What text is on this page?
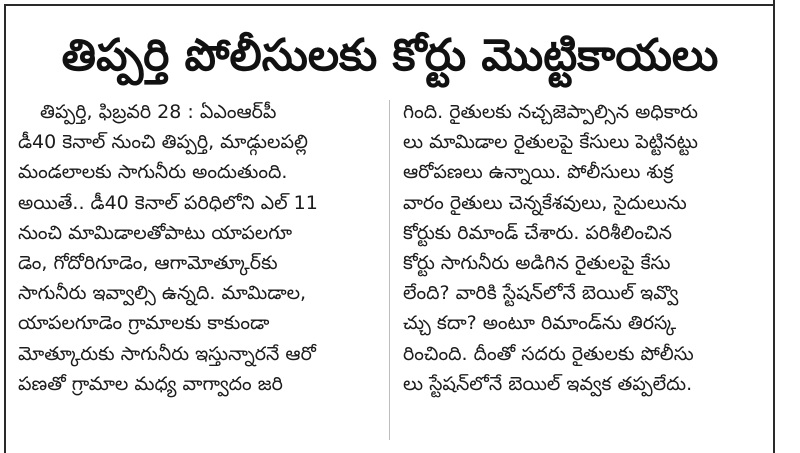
తిప్పర్తి పోలీసులకు కోర్టు మొట్టికాయలు
తిప్పర్తి, ఫిబ్రవరి 28 : ఏఎంఆర్‌పీ
డీ40 కెనాల్‌ నుంచి తిప్పర్తి, మాడ్గులపల్లి
మండలాలకు సాగునీరు అందుతుంది.
అయితే.. డీ40 కెనాల్‌ పరిధిలోని ఎల్‌ 11
నుంచి మామిడాలతోపాటు యాపలగూ
డెం, గోదోరిగూడెం, ఆగామోత్కూర్‌కు
సాగునీరు ఇవ్వాల్సి ఉన్నది. మామిడాల,
యాపలగూడెం గ్రామాలకు కాకుండా
మోత్కూరుకు సాగునీరు ఇస్తున్నారనే ఆరో
పణతో గ్రామాల మధ్య వాగ్వాదం జరి
గింది. రైతులకు నచ్చజెప్పాల్సిన అధికారు
లు మామిడాల రైతులపై కేసులు పెట్టినట్టు
ఆరోపణలు ఉన్నాయి. పోలీసులు శుక్ర
వారం రైతులు చెన్నకేశవులు, సైదులును
కోర్టుకు రిమాండ్‌ చేశారు. పరిశీలించిన
కోర్టు సాగునీరు అడిగిన రైతులపై కేసు
లేంది? వారికి స్టేషన్‌లోనే బెయిల్‌ ఇవ్వొ
చ్చు కదా? అంటూ రిమాండ్‌ను తిరస్క
రించింది. దీంతో సదరు రైతులకు పోలీసు
లు స్టేషన్‌లోనే బెయిల్‌ ఇవ్వక తప్పలేదు.
